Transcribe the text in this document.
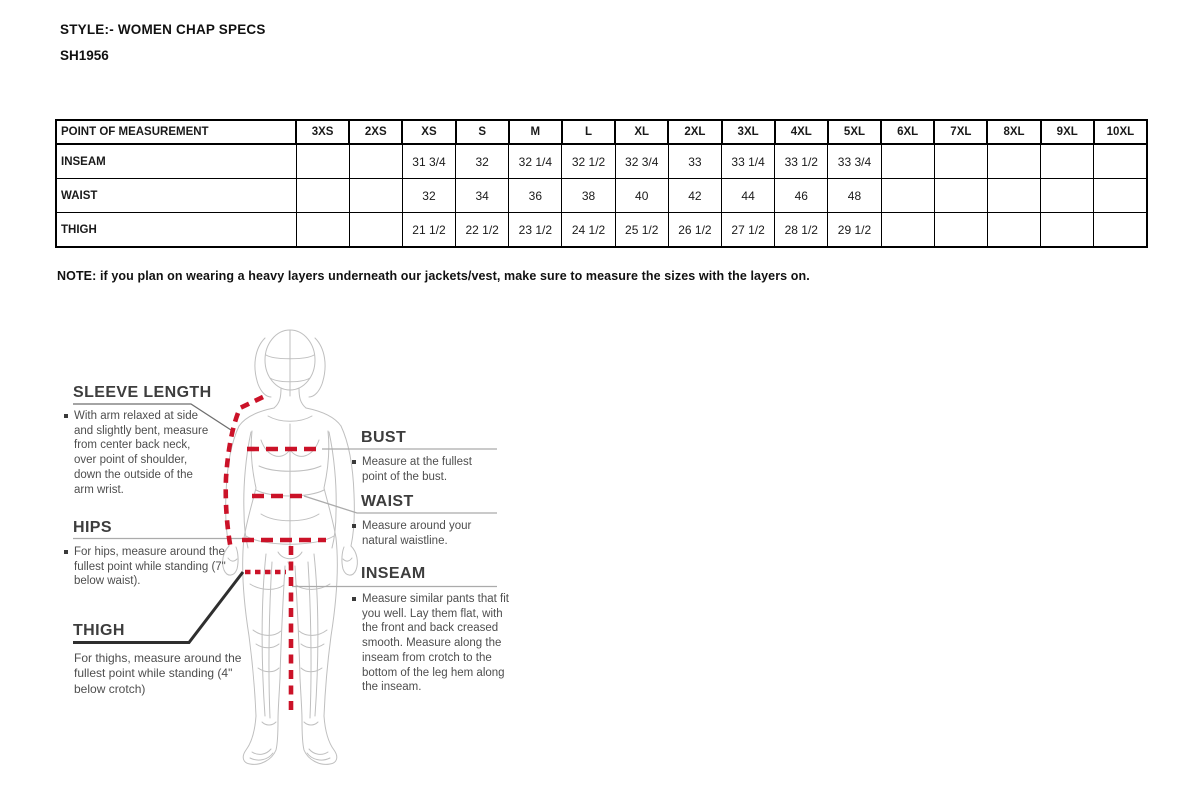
STYLE:- WOMEN CHAP SPECS
SH1956
POINT OF MEASUREMENT	3XS	2XS	XS	S	M	L	XL	2XL	3XL	4XL	5XL	6XL	7XL	8XL	9XL	10XL
INSEAM			31 3/4	32	32 1/4	32 1/2	32 3/4	33	33 1/4	33 1/2	33 3/4					
WAIST			32	34	36	38	40	42	44	46	48					
THIGH			21 1/2	22 1/2	23 1/2	24 1/2	25 1/2	26 1/2	27 1/2	28 1/2	29 1/2					
NOTE: if you plan on wearing a heavy layers underneath our jackets/vest, make sure to measure the sizes with the layers on.
SLEEVE LENGTH
With arm relaxed at side and slightly bent, measure from center back neck, over point of shoulder, down the outside of the arm wrist.
HIPS
For hips, measure around the fullest point while standing (7" below waist).
THIGH
For thighs, measure around the fullest point while standing (4" below crotch)
BUST
Measure at the fullest point of the bust.
WAIST
Measure around your natural waistline.
INSEAM
Measure similar pants that fit you well. Lay them flat, with the front and back creased smooth. Measure along the inseam from crotch to the bottom of the leg hem along the inseam.
